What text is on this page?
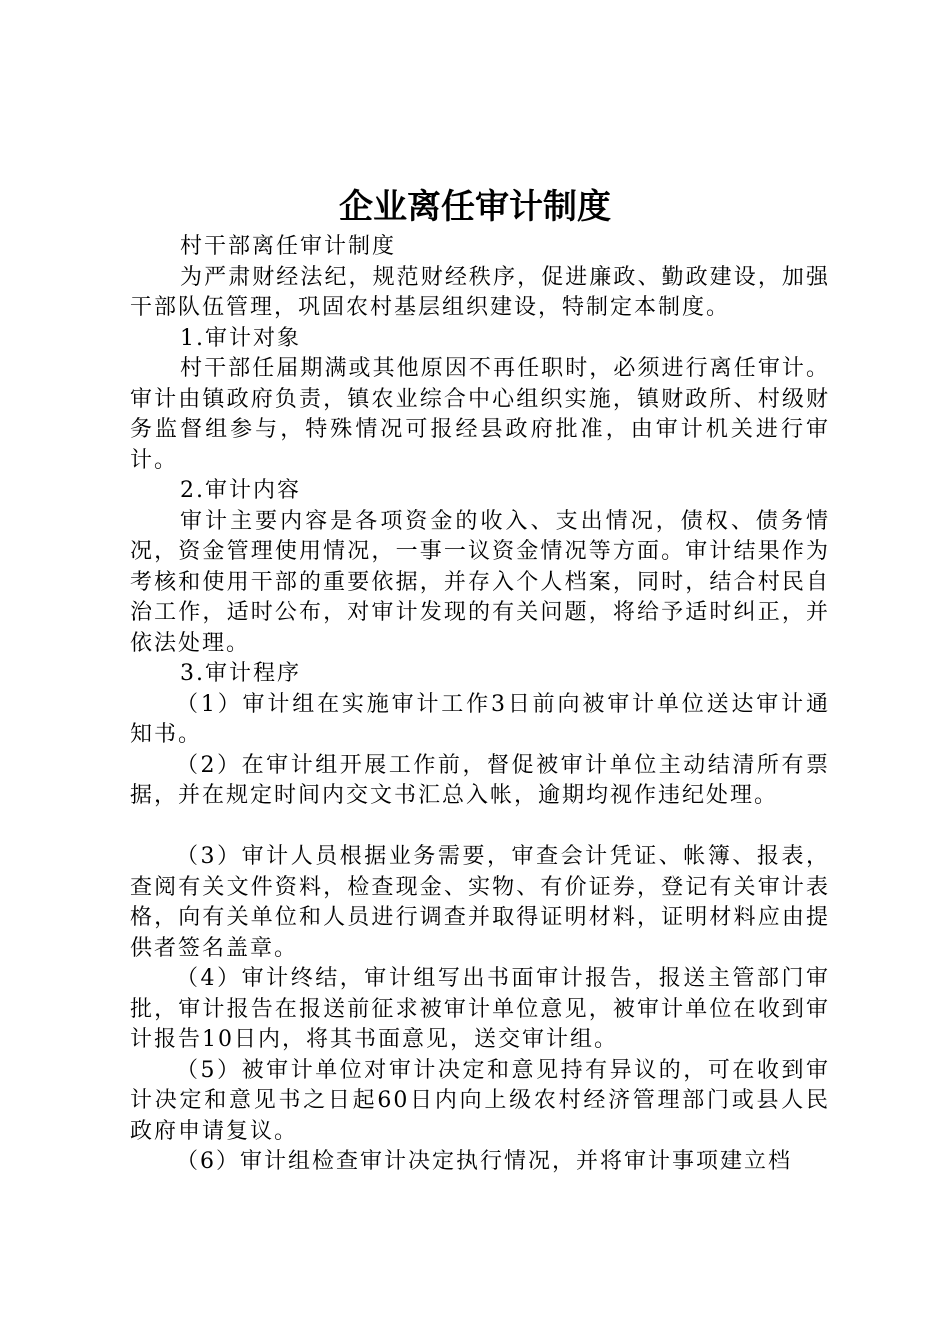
企业离任审计制度

村干部离任审计制度

为严肃财经法纪，规范财经秩序，促进廉政、勤政建设，加强干部队伍管理，巩固农村基层组织建设，特制定本制度。

1.审计对象

村干部任届期满或其他原因不再任职时，必须进行离任审计。审计由镇政府负责，镇农业综合中心组织实施，镇财政所、村级财务监督组参与，特殊情况可报经县政府批准，由审计机关进行审计。

2.审计内容

审计主要内容是各项资金的收入、支出情况，债权、债务情况，资金管理使用情况，一事一议资金情况等方面。审计结果作为考核和使用干部的重要依据，并存入个人档案，同时，结合村民自治工作，适时公布，对审计发现的有关问题，将给予适时纠正，并依法处理。

3.审计程序

（1）审计组在实施审计工作3日前向被审计单位送达审计通知书。

（2）在审计组开展工作前，督促被审计单位主动结清所有票据，并在规定时间内交文书汇总入帐，逾期均视作违纪处理。

（3）审计人员根据业务需要，审查会计凭证、帐簿、报表，查阅有关文件资料，检查现金、实物、有价证券，登记有关审计表格，向有关单位和人员进行调查并取得证明材料，证明材料应由提供者签名盖章。

（4）审计终结，审计组写出书面审计报告，报送主管部门审批，审计报告在报送前征求被审计单位意见，被审计单位在收到审计报告10日内，将其书面意见，送交审计组。

（5）被审计单位对审计决定和意见持有异议的，可在收到审计决定和意见书之日起60日内向上级农村经济管理部门或县人民政府申请复议。

（6）审计组检查审计决定执行情况，并将审计事项建立档
